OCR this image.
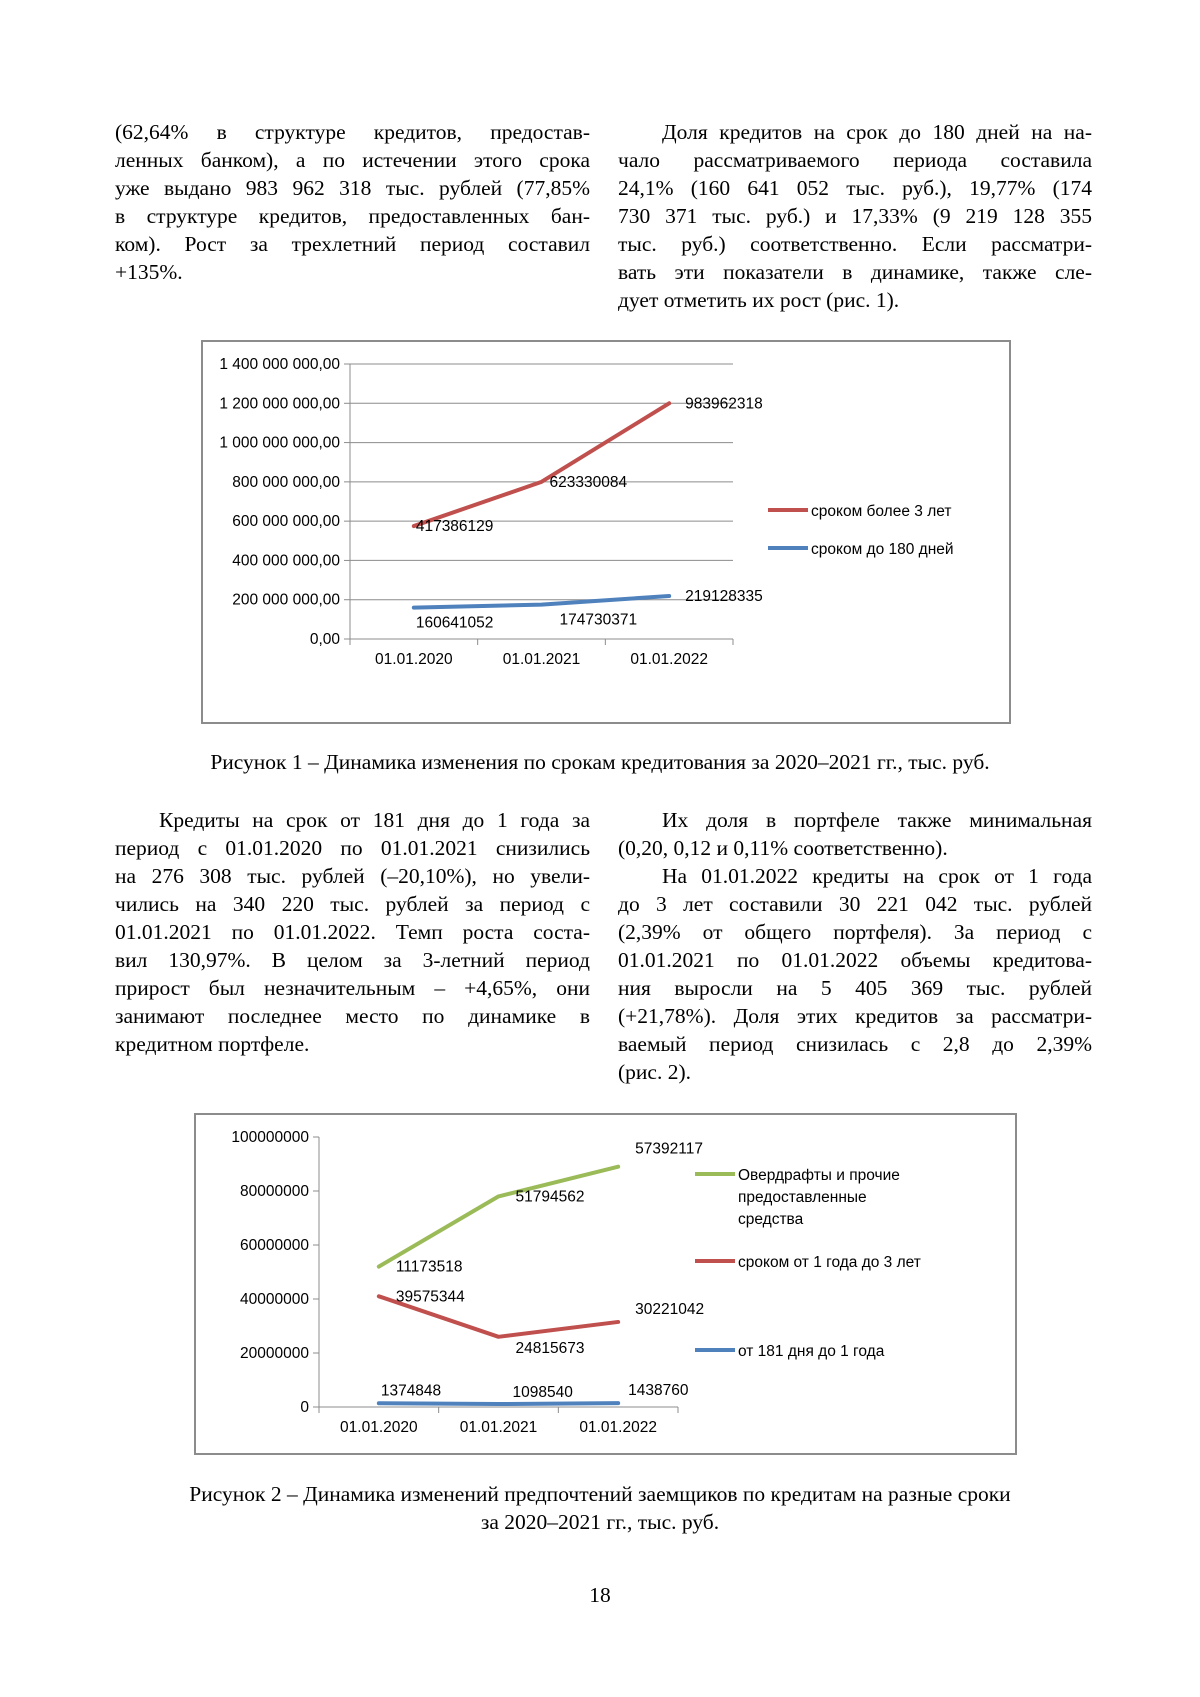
(62,64% в структуре кредитов, предостав-
ленных банком), а по истечении этого срока
уже выдано 983 962 318 тыс. рублей (77,85%
в структуре кредитов, предоставленных бан-
ком). Рост за трехлетний период составил
+135%.

Доля кредитов на срок до 180 дней на на-
чало рассматриваемого периода составила
24,1% (160 641 052 тыс. руб.), 19,77% (174
730 371 тыс. руб.) и 17,33% (9 219 128 355
тыс. руб.) соответственно. Если рассматри-
вать эти показатели в динамике, также сле-
дует отметить их рост (рис. 1).

0,00
200 000 000,00
400 000 000,00
600 000 000,00
800 000 000,00
1 000 000 000,00
1 200 000 000,00
1 400 000 000,00
01.01.2020	01.01.2021	01.01.2022
417386129
623330084
983962318
сроком более 3 лет
160641052	174730371
219128335
сроком до 180 дней
Рисунок 1 – Динамика изменения по срокам кредитования за 2020–2021 гг., тыс. руб.

Кредиты на срок от 181 дня до 1 года за
период с 01.01.2020 по 01.01.2021 снизились
на 276 308 тыс. рублей (–20,10%), но увели-
чились на 340 220 тыс. рублей за период с
01.01.2021 по 01.01.2022. Темп роста соста-
вил 130,97%. В целом за 3-летний период
прирост был незначительным – +4,65%, они
занимают последнее место по динамике в
кредитном портфеле.

Их доля в портфеле также минимальная
(0,20, 0,12 и 0,11% соответственно).

На 01.01.2022 кредиты на срок от 1 года
до 3 лет составили 30 221 042 тыс. рублей
(2,39% от общего портфеля). За период с
01.01.2021 по 01.01.2022 объемы кредитова-
ния выросли на 5 405 369 тыс. рублей
(+21,78%). Доля этих кредитов за рассматри-
ваемый период снизилась с 2,8 до 2,39%
(рис. 2).

0
20000000
40000000
60000000
80000000
100000000
01.01.2020	01.01.2021	01.01.2022
11173518
51794562
57392117
Овердрафты и прочие предоставленные средства
39575344
24815673
30221042
сроком от 1 года до 3 лет
1374848	1098540	1438760
от 181 дня до 1 года
Рисунок 2 – Динамика изменений предпочтений заемщиков по кредитам на разные сроки
за 2020–2021 гг., тыс. руб.
18
